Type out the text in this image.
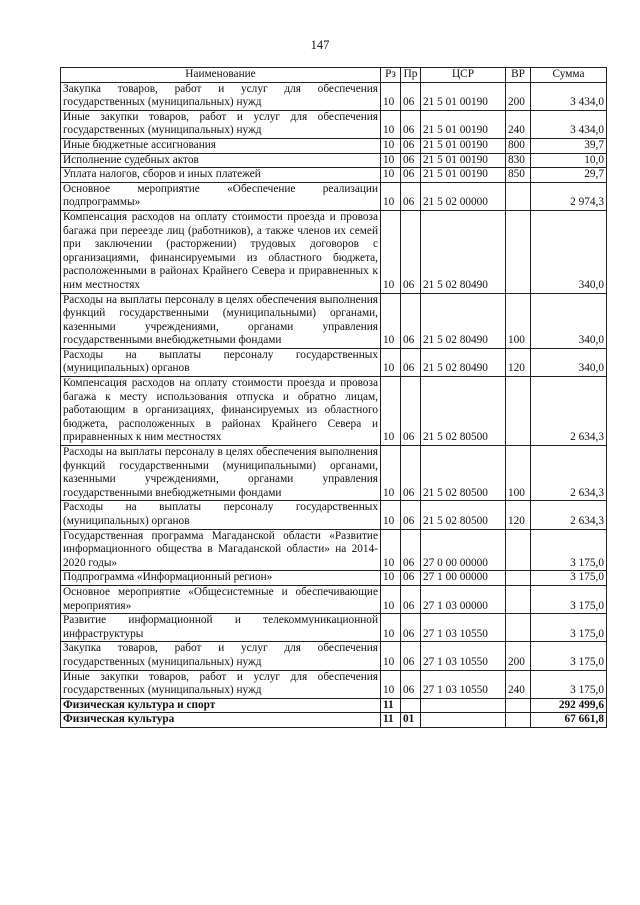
147
Наименование	Рз	Пр	ЦСР	ВР	Сумма
Закупка товаров, работ и услуг для обеспечения государственных (муниципальных) нужд	10	06	21 5 01 00190	200	3 434,0
Иные закупки товаров, работ и услуг для обеспечения государственных (муниципальных) нужд	10	06	21 5 01 00190	240	3 434,0
Иные бюджетные ассигнования	10	06	21 5 01 00190	800	39,7
Исполнение судебных актов	10	06	21 5 01 00190	830	10,0
Уплата налогов, сборов и иных платежей	10	06	21 5 01 00190	850	29,7
Основное мероприятие «Обеспечение реализации подпрограммы»	10	06	21 5 02 00000		2 974,3
Компенсация расходов на оплату стоимости проезда и провоза багажа при переезде лиц (работников), а также членов их семей при заключении (расторжении) трудовых договоров с организациями, финансируемыми из областного бюджета, расположенными в районах Крайнего Севера и приравненных к ним местностях	10	06	21 5 02 80490		340,0
Расходы на выплаты персоналу в целях обеспечения выполнения функций государственными (муниципальными) органами, казенными учреждениями, органами управления государственными внебюджетными фондами	10	06	21 5 02 80490	100	340,0
Расходы на выплаты персоналу государственных (муниципальных) органов	10	06	21 5 02 80490	120	340,0
Компенсация расходов на оплату стоимости проезда и провоза багажа к месту использования отпуска и обратно лицам, работающим в организациях, финансируемых из областного бюджета, расположенных в районах Крайнего Севера и приравненных к ним местностях	10	06	21 5 02 80500		2 634,3
Расходы на выплаты персоналу в целях обеспечения выполнения функций государственными (муниципальными) органами, казенными учреждениями, органами управления государственными внебюджетными фондами	10	06	21 5 02 80500	100	2 634,3
Расходы на выплаты персоналу государственных (муниципальных) органов	10	06	21 5 02 80500	120	2 634,3
Государственная программа Магаданской области «Развитие информационного общества в Магаданской области» на 2014-2020 годы»	10	06	27 0 00 00000		3 175,0
Подпрограмма «Информационный регион»	10	06	27 1 00 00000		3 175,0
Основное мероприятие «Общесистемные и обеспечивающие мероприятия»	10	06	27 1 03 00000		3 175,0
Развитие информационной и телекоммуникационной инфраструктуры	10	06	27 1 03 10550		3 175,0
Закупка товаров, работ и услуг для обеспечения государственных (муниципальных) нужд	10	06	27 1 03 10550	200	3 175,0
Иные закупки товаров, работ и услуг для обеспечения государственных (муниципальных) нужд	10	06	27 1 03 10550	240	3 175,0
Физическая культура и спорт	11				292 499,6
Физическая культура	11	01			67 661,8
